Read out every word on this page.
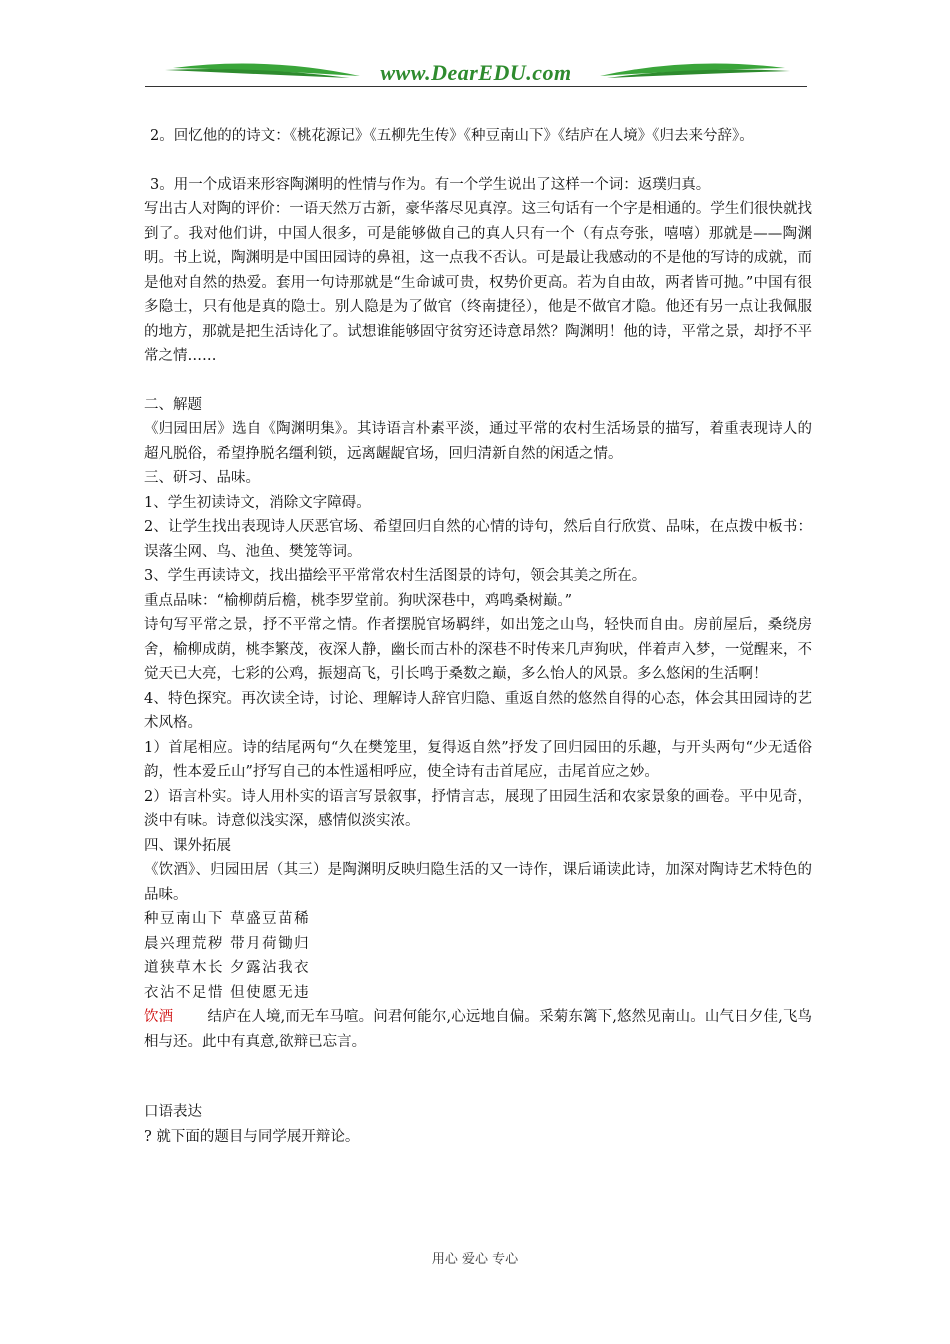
www.DearEDU.com

2。回忆他的的诗文：《桃花源记》《五柳先生传》《种豆南山下》《结庐在人境》《归去来兮辞》。

3。用一个成语来形容陶渊明的性情与作为。有一个学生说出了这样一个词：返璞归真。

写出古人对陶的评价：一语天然万古新，豪华落尽见真淳。这三句话有一个字是相通的。学生们很快就找到了。我对他们讲，中国人很多，可是能够做自己的真人只有一个（有点夸张，嘻嘻）那就是——陶渊明。书上说，陶渊明是中国田园诗的鼻祖，这一点我不否认。可是最让我感动的不是他的写诗的成就，而是他对自然的热爱。套用一句诗那就是“生命诚可贵，权势价更高。若为自由故，两者皆可抛。”中国有很多隐士，只有他是真的隐士。别人隐是为了做官（终南捷径），他是不做官才隐。他还有另一点让我佩服的地方，那就是把生活诗化了。试想谁能够固守贫穷还诗意昂然？陶渊明！他的诗，平常之景，却抒不平常之情……

二、解题

《归园田居》选自《陶渊明集》。其诗语言朴素平淡，通过平常的农村生活场景的描写，着重表现诗人的超凡脱俗，希望挣脱名缰利锁，远离龌龊官场，回归清新自然的闲适之情。

三、研习、品味。

1、学生初读诗文，消除文字障碍。

2、让学生找出表现诗人厌恶官场、希望回归自然的心情的诗句，然后自行欣赏、品味，在点拨中板书：误落尘网、鸟、池鱼、樊笼等词。

3、学生再读诗文，找出描绘平平常常农村生活图景的诗句，领会其美之所在。

重点品味：“榆柳荫后檐，桃李罗堂前。狗吠深巷中，鸡鸣桑树巅。”

诗句写平常之景，抒不平常之情。作者摆脱官场羁绊，如出笼之山鸟，轻快而自由。房前屋后，桑绕房舍，榆柳成荫，桃李繁茂，夜深人静，幽长而古朴的深巷不时传来几声狗吠，伴着声入梦，一觉醒来，不觉天已大亮，七彩的公鸡，振翅高飞，引长鸣于桑数之巅，多么怡人的风景。多么悠闲的生活啊！

4、特色探究。再次读全诗，讨论、理解诗人辞官归隐、重返自然的悠然自得的心态，体会其田园诗的艺术风格。

1）首尾相应。诗的结尾两句“久在樊笼里，复得返自然”抒发了回归园田的乐趣，与开头两句“少无适俗韵，性本爱丘山”抒写自己的本性遥相呼应，使全诗有击首尾应，击尾首应之妙。

2）语言朴实。诗人用朴实的语言写景叙事，抒情言志，展现了田园生活和农家景象的画卷。平中见奇，淡中有味。诗意似浅实深，感情似淡实浓。

四、课外拓展

《饮酒》、归园田居（其三）是陶渊明反映归隐生活的又一诗作，课后诵读此诗，加深对陶诗艺术特色的品味。

种豆南山下 草盛豆苗稀

晨兴理荒秽 带月荷锄归

道狭草木长 夕露沾我衣

衣沾不足惜 但使愿无违

饮酒 结庐在人境,而无车马喧。问君何能尔,心远地自偏。采菊东篱下,悠然见南山。山气日夕佳,飞鸟相与还。此中有真意,欲辩已忘言。

口语表达

? 就下面的题目与同学展开辩论。

用心 爱心 专心
